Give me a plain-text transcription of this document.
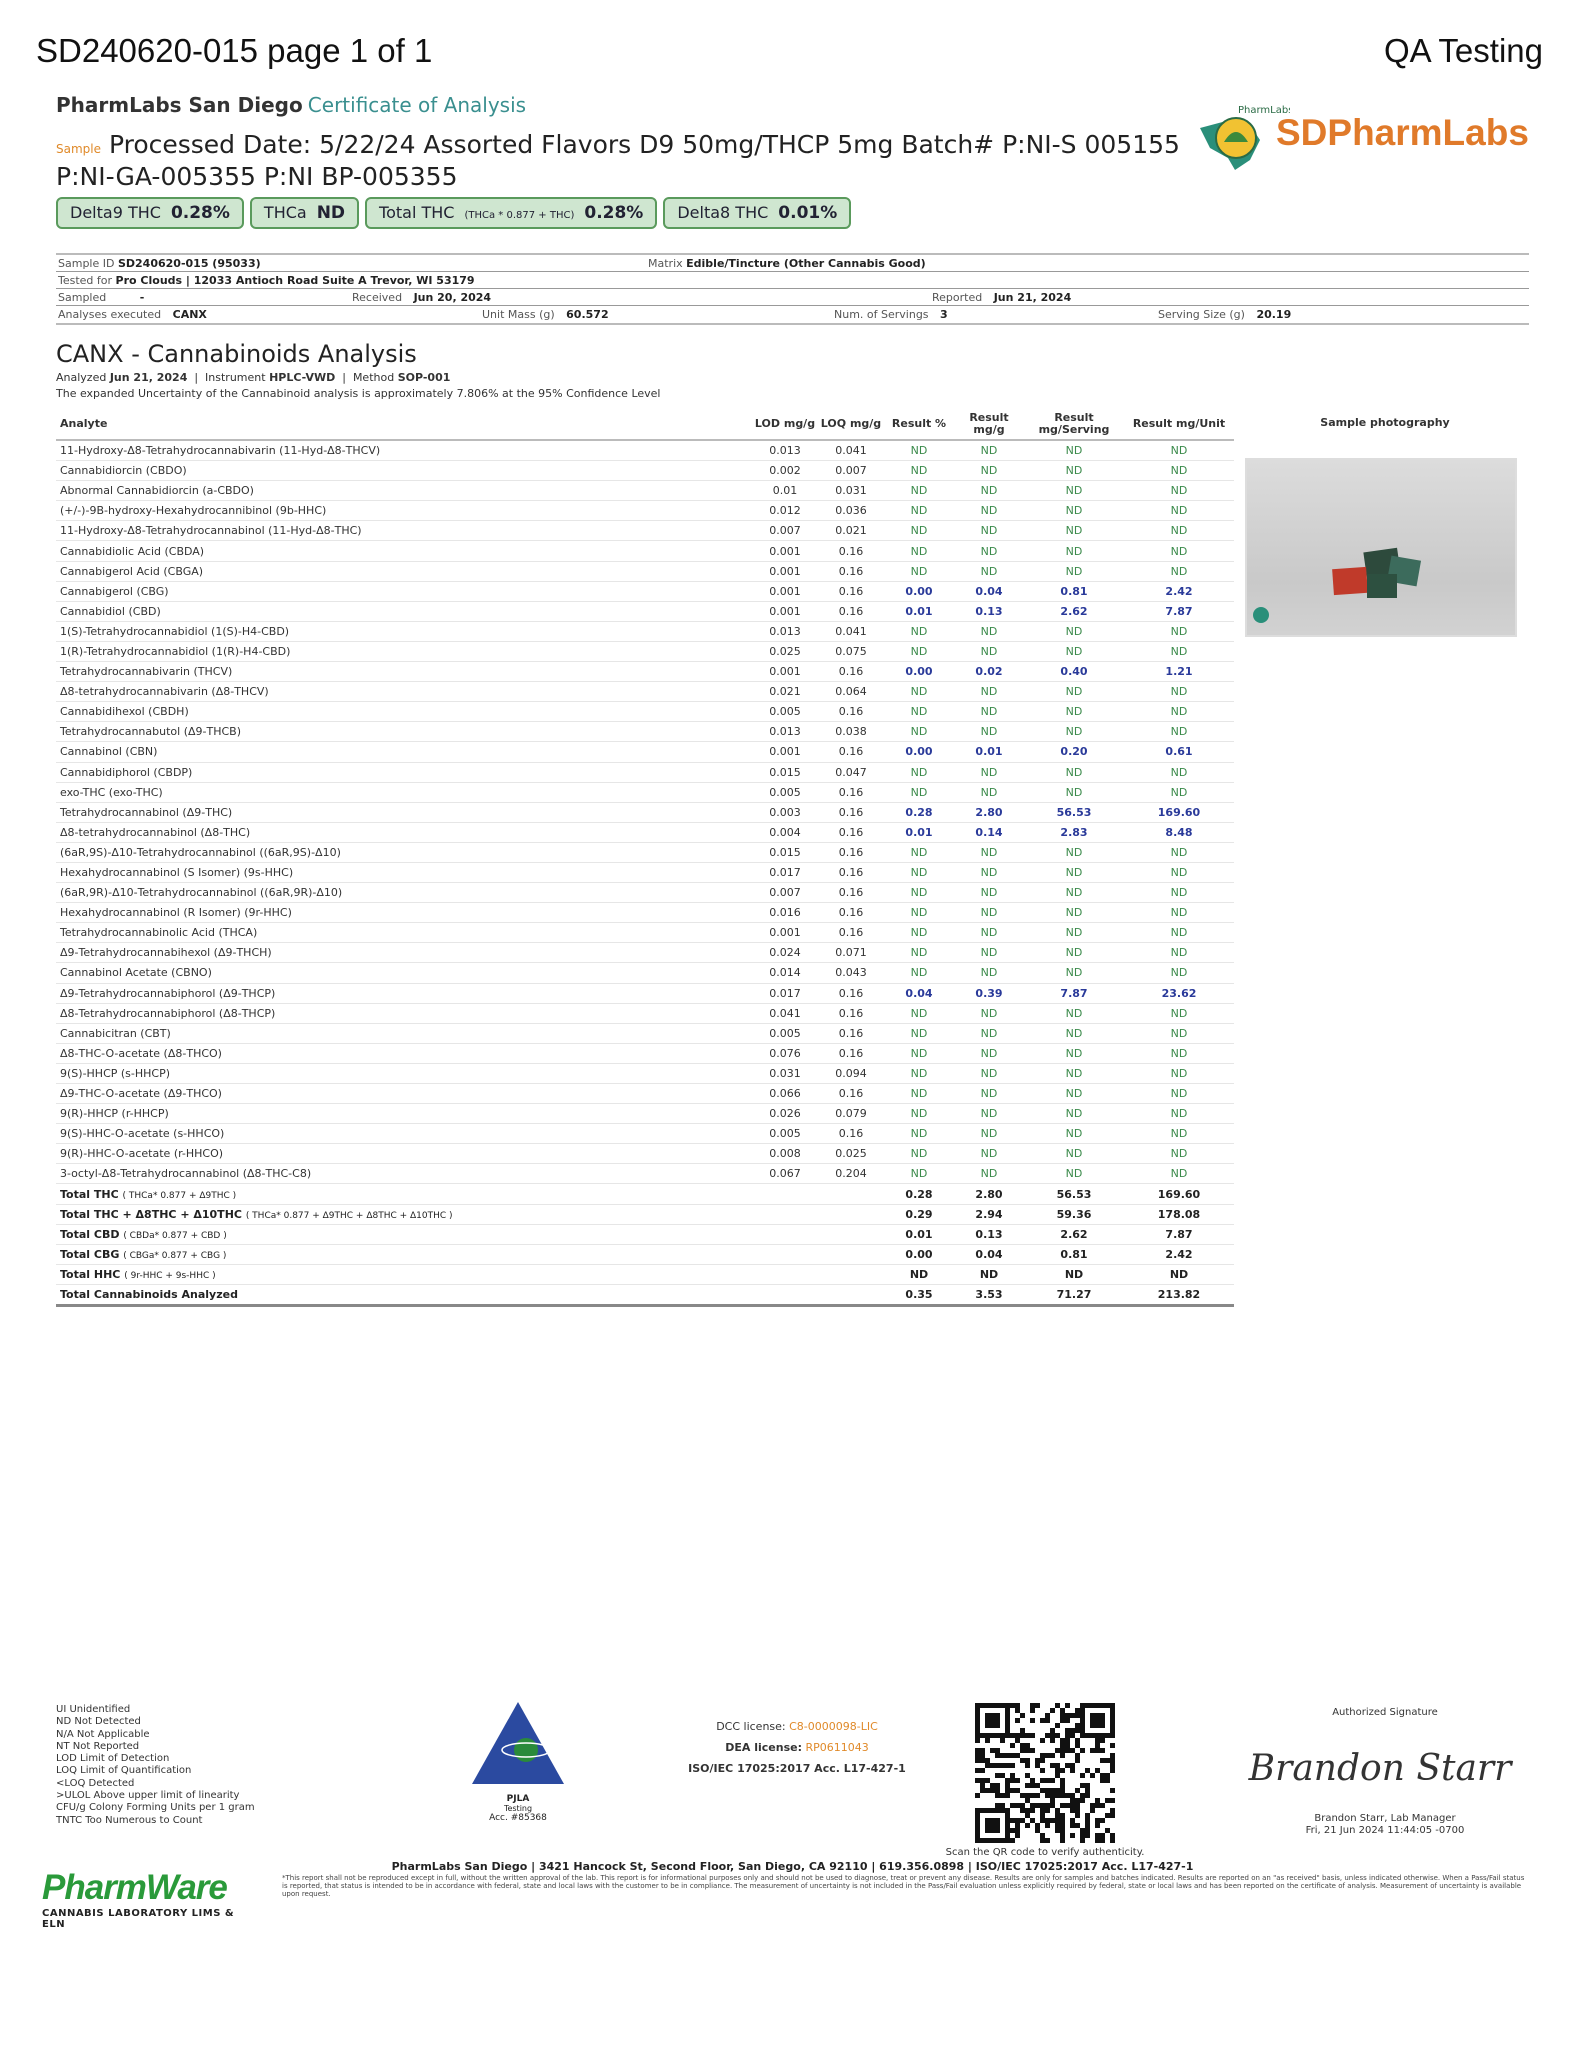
SD240620-015 page 1 of 1	QA Testing
PharmLabs San Diego Certificate of Analysis
Sample Processed Date: 5/22/24 Assorted Flavors D9 50mg/THCP 5mg Batch# P:NI-S 005155 P:NI-GA-005355 P:NI BP-005355
PharmLabs
SDPharmLabs
Delta9 THC 0.28% THCa ND Total THC (THCa * 0.877 + THC) 0.28% Delta8 THC 0.01%
Sample ID SD240620-015 (95033)	Matrix Edible/Tincture (Other Cannabis Good)
Tested for Pro Clouds | 12033 Antioch Road Suite A Trevor, WI 53179
Sampled	-	Received Jun 20, 2024	Reported Jun 21, 2024
Analyses executed CANX	Unit Mass (g) 60.572	Num. of Servings 3	Serving Size (g) 20.19
CANX - Cannabinoids Analysis
Analyzed Jun 21, 2024  |  Instrument HPLC-VWD  |  Method SOP-001
The expanded Uncertainty of the Cannabinoid analysis is approximately 7.806% at the 95% Confidence Level
Analyte	LOD mg/g	LOQ mg/g	Result %	Result mg/g	Result mg/Serving	Result mg/Unit
11-Hydroxy-Δ8-Tetrahydrocannabivarin (11-Hyd-Δ8-THCV)	0.013	0.041	ND	ND	ND	ND
Cannabidiorcin (CBDO)	0.002	0.007	ND	ND	ND	ND
Abnormal Cannabidiorcin (a-CBDO)	0.01	0.031	ND	ND	ND	ND
(+/-)-9B-hydroxy-Hexahydrocannibinol (9b-HHC)	0.012	0.036	ND	ND	ND	ND
11-Hydroxy-Δ8-Tetrahydrocannabinol (11-Hyd-Δ8-THC)	0.007	0.021	ND	ND	ND	ND
Cannabidiolic Acid (CBDA)	0.001	0.16	ND	ND	ND	ND
Cannabigerol Acid (CBGA)	0.001	0.16	ND	ND	ND	ND
Cannabigerol (CBG)	0.001	0.16	0.00	0.04	0.81	2.42
Cannabidiol (CBD)	0.001	0.16	0.01	0.13	2.62	7.87
1(S)-Tetrahydrocannabidiol (1(S)-H4-CBD)	0.013	0.041	ND	ND	ND	ND
1(R)-Tetrahydrocannabidiol (1(R)-H4-CBD)	0.025	0.075	ND	ND	ND	ND
Tetrahydrocannabivarin (THCV)	0.001	0.16	0.00	0.02	0.40	1.21
Δ8-tetrahydrocannabivarin (Δ8-THCV)	0.021	0.064	ND	ND	ND	ND
Cannabidihexol (CBDH)	0.005	0.16	ND	ND	ND	ND
Tetrahydrocannabutol (Δ9-THCB)	0.013	0.038	ND	ND	ND	ND
Cannabinol (CBN)	0.001	0.16	0.00	0.01	0.20	0.61
Cannabidiphorol (CBDP)	0.015	0.047	ND	ND	ND	ND
exo-THC (exo-THC)	0.005	0.16	ND	ND	ND	ND
Tetrahydrocannabinol (Δ9-THC)	0.003	0.16	0.28	2.80	56.53	169.60
Δ8-tetrahydrocannabinol (Δ8-THC)	0.004	0.16	0.01	0.14	2.83	8.48
(6aR,9S)-Δ10-Tetrahydrocannabinol ((6aR,9S)-Δ10)	0.015	0.16	ND	ND	ND	ND
Hexahydrocannabinol (S Isomer) (9s-HHC)	0.017	0.16	ND	ND	ND	ND
(6aR,9R)-Δ10-Tetrahydrocannabinol ((6aR,9R)-Δ10)	0.007	0.16	ND	ND	ND	ND
Hexahydrocannabinol (R Isomer) (9r-HHC)	0.016	0.16	ND	ND	ND	ND
Tetrahydrocannabinolic Acid (THCA)	0.001	0.16	ND	ND	ND	ND
Δ9-Tetrahydrocannabihexol (Δ9-THCH)	0.024	0.071	ND	ND	ND	ND
Cannabinol Acetate (CBNO)	0.014	0.043	ND	ND	ND	ND
Δ9-Tetrahydrocannabiphorol (Δ9-THCP)	0.017	0.16	0.04	0.39	7.87	23.62
Δ8-Tetrahydrocannabiphorol (Δ8-THCP)	0.041	0.16	ND	ND	ND	ND
Cannabicitran (CBT)	0.005	0.16	ND	ND	ND	ND
Δ8-THC-O-acetate (Δ8-THCO)	0.076	0.16	ND	ND	ND	ND
9(S)-HHCP (s-HHCP)	0.031	0.094	ND	ND	ND	ND
Δ9-THC-O-acetate (Δ9-THCO)	0.066	0.16	ND	ND	ND	ND
9(R)-HHCP (r-HHCP)	0.026	0.079	ND	ND	ND	ND
9(S)-HHC-O-acetate (s-HHCO)	0.005	0.16	ND	ND	ND	ND
9(R)-HHC-O-acetate (r-HHCO)	0.008	0.025	ND	ND	ND	ND
3-octyl-Δ8-Tetrahydrocannabinol (Δ8-THC-C8)	0.067	0.204	ND	ND	ND	ND
Total THC ( THCa* 0.877 + Δ9THC )			0.28	2.80	56.53	169.60
Total THC + Δ8THC + Δ10THC ( THCa* 0.877 + Δ9THC + Δ8THC + Δ10THC )			0.29	2.94	59.36	178.08
Total CBD ( CBDa* 0.877 + CBD )			0.01	0.13	2.62	7.87
Total CBG ( CBGa* 0.877 + CBG )			0.00	0.04	0.81	2.42
Total HHC ( 9r-HHC + 9s-HHC )			ND	ND	ND	ND
Total Cannabinoids Analyzed			0.35	3.53	71.27	213.82
Sample photography
UI Unidentified
ND Not Detected
N/A Not Applicable
NT Not Reported
LOD Limit of Detection
LOQ Limit of Quantification
<LOQ Detected
>ULOL Above upper limit of linearity
CFU/g Colony Forming Units per 1 gram
TNTC Too Numerous to Count
PJLA
Testing
Acc. #85368
DCC license: C8-0000098-LIC
DEA license: RP0611043
ISO/IEC 17025:2017 Acc. L17-427-1
Scan the QR code to verify authenticity.
Authorized Signature
Brandon Starr
Brandon Starr, Lab Manager
Fri, 21 Jun 2024 11:44:05 -0700
PharmLabs San Diego | 3421 Hancock St, Second Floor, San Diego, CA 92110 | 619.356.0898 | ISO/IEC 17025:2017 Acc. L17-427-1
*This report shall not be reproduced except in full, without the written approval of the lab. This report is for informational purposes only and should not be used to diagnose, treat or prevent any disease. Results are only for samples and batches indicated. Results are reported on an "as received" basis, unless indicated otherwise. When a Pass/Fail status is reported, that status is intended to be in accordance with federal, state and local laws with the customer to be in compliance. The measurement of uncertainty is not included in the Pass/Fail evaluation unless explicitly required by federal, state or local laws and has been reported on the certificate of analysis. Measurement of uncertainty is available upon request.
PharmWare
CANNABIS LABORATORY LIMS & ELN
